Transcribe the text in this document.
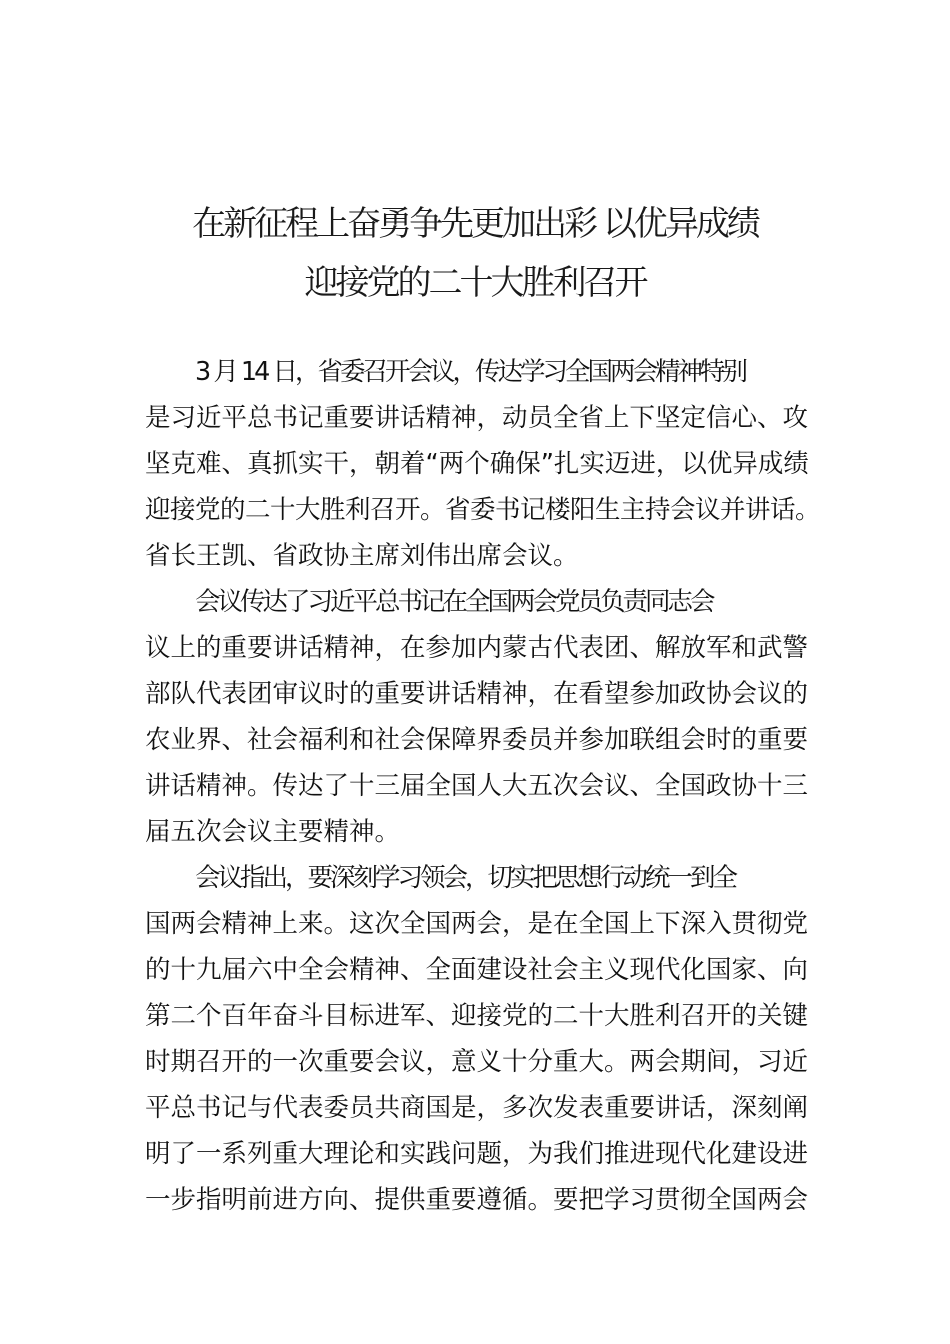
在新征程上奋勇争先更加出彩 以优异成绩
迎接党的二十大胜利召开
3 月 14 日，省委召开会议，传达学习全国两会精神特别
是习近平总书记重要讲话精神，动员全省上下坚定信心、攻
坚克难、真抓实干，朝着“两个确保”扎实迈进，以优异成绩
迎接党的二十大胜利召开。省委书记楼阳生主持会议并讲话。
省长王凯、省政协主席刘伟出席会议。
会议传达了习近平总书记在全国两会党员负责同志会
议上的重要讲话精神，在参加内蒙古代表团、解放军和武警
部队代表团审议时的重要讲话精神，在看望参加政协会议的
农业界、社会福利和社会保障界委员并参加联组会时的重要
讲话精神。传达了十三届全国人大五次会议、全国政协十三
届五次会议主要精神。
会议指出，要深刻学习领会，切实把思想行动统一到全
国两会精神上来。这次全国两会，是在全国上下深入贯彻党
的十九届六中全会精神、全面建设社会主义现代化国家、向
第二个百年奋斗目标进军、迎接党的二十大胜利召开的关键
时期召开的一次重要会议，意义十分重大。两会期间，习近
平总书记与代表委员共商国是，多次发表重要讲话，深刻阐
明了一系列重大理论和实践问题，为我们推进现代化建设进
一步指明前进方向、提供重要遵循。要把学习贯彻全国两会
